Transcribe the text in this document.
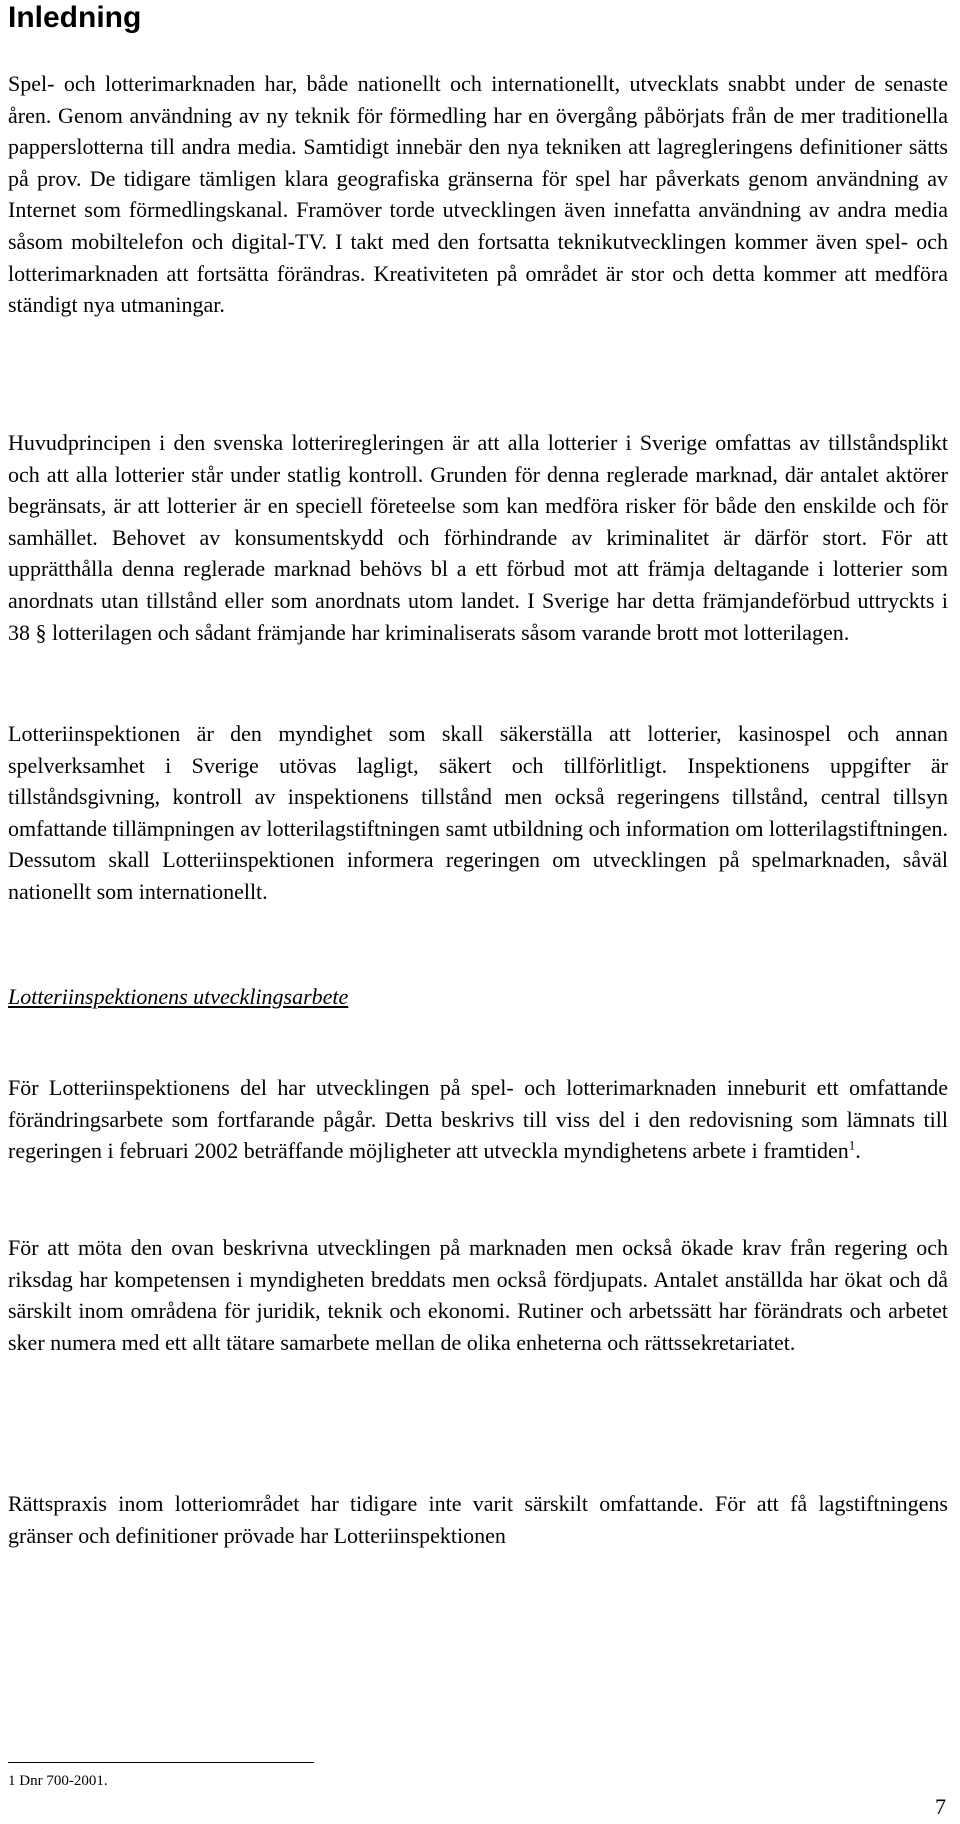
Inledning

Spel- och lotterimarknaden har, både nationellt och internationellt, utvecklats snabbt under de senaste åren. Genom användning av ny teknik för förmedling har en övergång påbörjats från de mer traditionella papperslotterna till andra media. Samtidigt innebär den nya tekniken att lagregleringens definitioner sätts på prov. De tidigare tämligen klara geografiska gränserna för spel har påverkats genom användning av Internet som förmedlingskanal. Framöver torde utvecklingen även innefatta användning av andra media såsom mobiltelefon och digital-TV. I takt med den fortsatta teknikutvecklingen kommer även spel- och lotterimarknaden att fortsätta förändras. Kreativiteten på området är stor och detta kommer att medföra ständigt nya utmaningar.

Huvudprincipen i den svenska lotteriregleringen är att alla lotterier i Sverige omfattas av tillståndsplikt och att alla lotterier står under statlig kontroll. Grunden för denna reglerade marknad, där antalet aktörer begränsats, är att lotterier är en speciell företeelse som kan medföra risker för både den enskilde och för samhället. Behovet av konsumentskydd och förhindrande av kriminalitet är därför stort. För att upprätthålla denna reglerade marknad behövs bl a ett förbud mot att främja deltagande i lotterier som anordnats utan tillstånd eller som anordnats utom landet. I Sverige har detta främjandeförbud uttryckts i 38 § lotterilagen och sådant främjande har kriminaliserats såsom varande brott mot lotterilagen.

Lotteriinspektionen är den myndighet som skall säkerställa att lotterier, kasinospel och annan spelverksamhet i Sverige utövas lagligt, säkert och tillförlitligt. Inspektionens uppgifter är tillståndsgivning, kontroll av inspektionens tillstånd men också regeringens tillstånd, central tillsyn omfattande tillämpningen av lotterilagstiftningen samt utbildning och information om lotterilagstiftningen. Dessutom skall Lotteriinspektionen informera regeringen om utvecklingen på spelmarknaden, såväl nationellt som internationellt.

Lotteriinspektionens utvecklingsarbete

För Lotteriinspektionens del har utvecklingen på spel- och lotterimarknaden inneburit ett omfattande förändringsarbete som fortfarande pågår. Detta beskrivs till viss del i den redovisning som lämnats till regeringen i februari 2002 beträffande möjligheter att utveckla myndighetens arbete i framtiden$^1$.

För att möta den ovan beskrivna utvecklingen på marknaden men också ökade krav från regering och riksdag har kompetensen i myndigheten breddats men också fördjupats. Antalet anställda har ökat och då särskilt inom områdena för juridik, teknik och ekonomi. Rutiner och arbetssätt har förändrats och arbetet sker numera med ett allt tätare samarbete mellan de olika enheterna och rättssekretariatet.

Rättspraxis inom lotteriområdet har tidigare inte varit särskilt omfattande. För att få lagstiftningens gränser och definitioner prövade har Lotteriinspektionen

1 Dnr 700-2001.

7
